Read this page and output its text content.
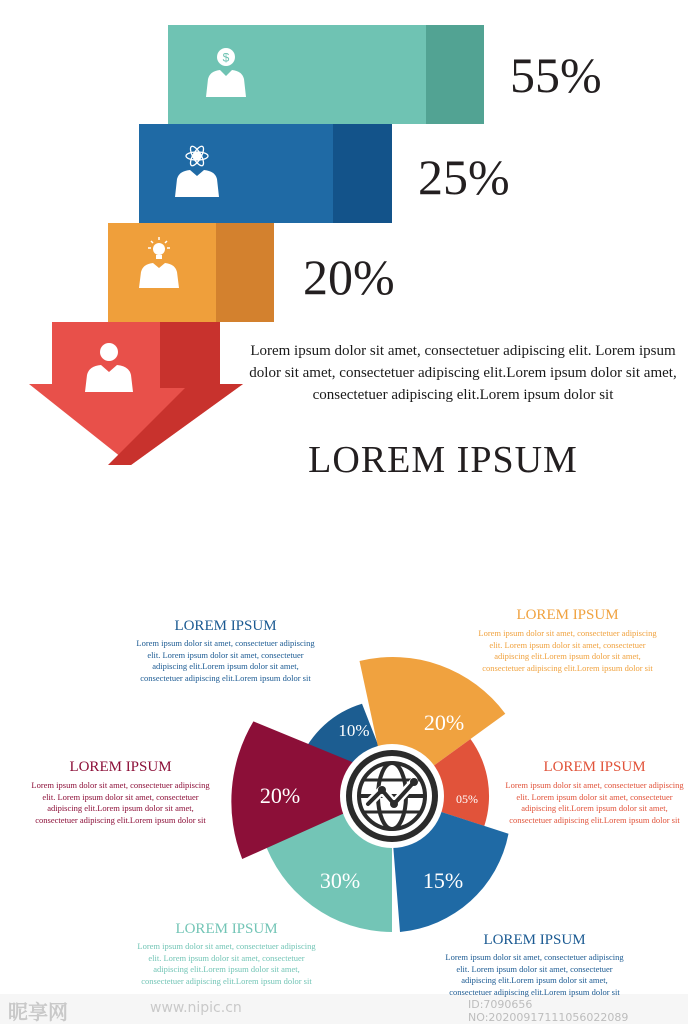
$	55%
25%
20%
Lorem ipsum dolor sit amet, consectetuer adipiscing elit. Lorem ipsum dolor sit amet, consectetuer adipiscing elit.Lorem ipsum dolor sit amet, consectetuer adipiscing elit.Lorem ipsum dolor sit
LOREM IPSUM
10% 20%
05%
15%
30%
20%
LOREM IPSUM
Lorem ipsum dolor sit amet, consectetuer adipiscing elit. Lorem ipsum dolor sit amet, consectetuer adipiscing elit.Lorem ipsum dolor sit amet, consectetuer adipiscing elit.Lorem ipsum dolor sit
LOREM IPSUM
Lorem ipsum dolor sit amet, consectetuer adipiscing elit. Lorem ipsum dolor sit amet, consectetuer adipiscing elit.Lorem ipsum dolor sit amet, consectetuer adipiscing elit.Lorem ipsum dolor sit
LOREM IPSUM
Lorem ipsum dolor sit amet, consectetuer adipiscing elit. Lorem ipsum dolor sit amet, consectetuer adipiscing elit.Lorem ipsum dolor sit amet, consectetuer adipiscing elit.Lorem ipsum dolor sit
LOREM IPSUM
Lorem ipsum dolor sit amet, consectetuer adipiscing elit. Lorem ipsum dolor sit amet, consectetuer adipiscing elit.Lorem ipsum dolor sit amet, consectetuer adipiscing elit.Lorem ipsum dolor sit
LOREM IPSUM
Lorem ipsum dolor sit amet, consectetuer adipiscing elit. Lorem ipsum dolor sit amet, consectetuer adipiscing elit.Lorem ipsum dolor sit amet, consectetuer adipiscing elit.Lorem ipsum dolor sit
LOREM IPSUM
Lorem ipsum dolor sit amet, consectetuer adipiscing elit. Lorem ipsum dolor sit amet, consectetuer adipiscing elit.Lorem ipsum dolor sit amet, consectetuer adipiscing elit.Lorem ipsum dolor sit
昵享网	www.nipic.cn	ID:7090656 NO:20200917111056022089
